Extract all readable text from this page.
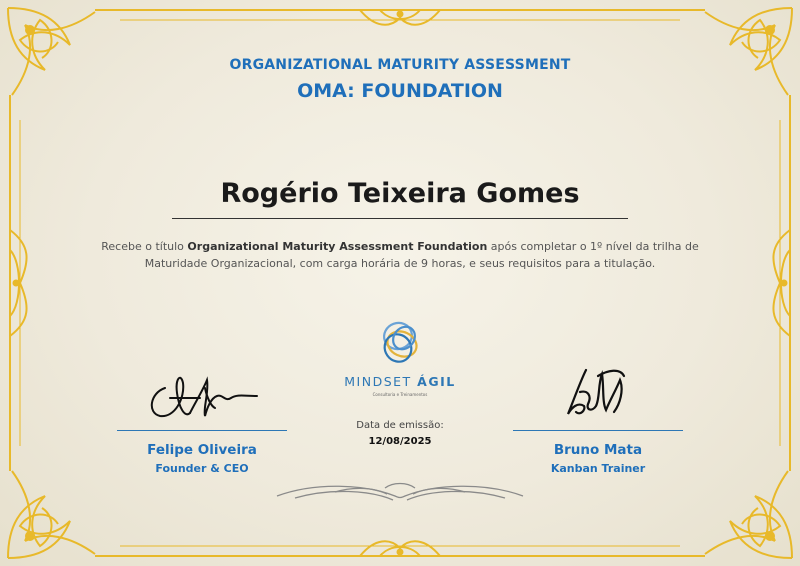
ORGANIZATIONAL MATURITY ASSESSMENT
OMA: FOUNDATION
Rogério Teixeira Gomes
Recebe o título Organizational Maturity Assessment Foundation após completar o 1º nível da trilha de Maturidade Organizacional, com carga horária de 9 horas, e seus requisitos para a titulação.
Felipe Oliveira
Founder & CEO
Bruno Mata
Kanban Trainer
MINDSET ÁGIL
Consultoria e Treinamentos
Data de emissão:
12/08/2025
